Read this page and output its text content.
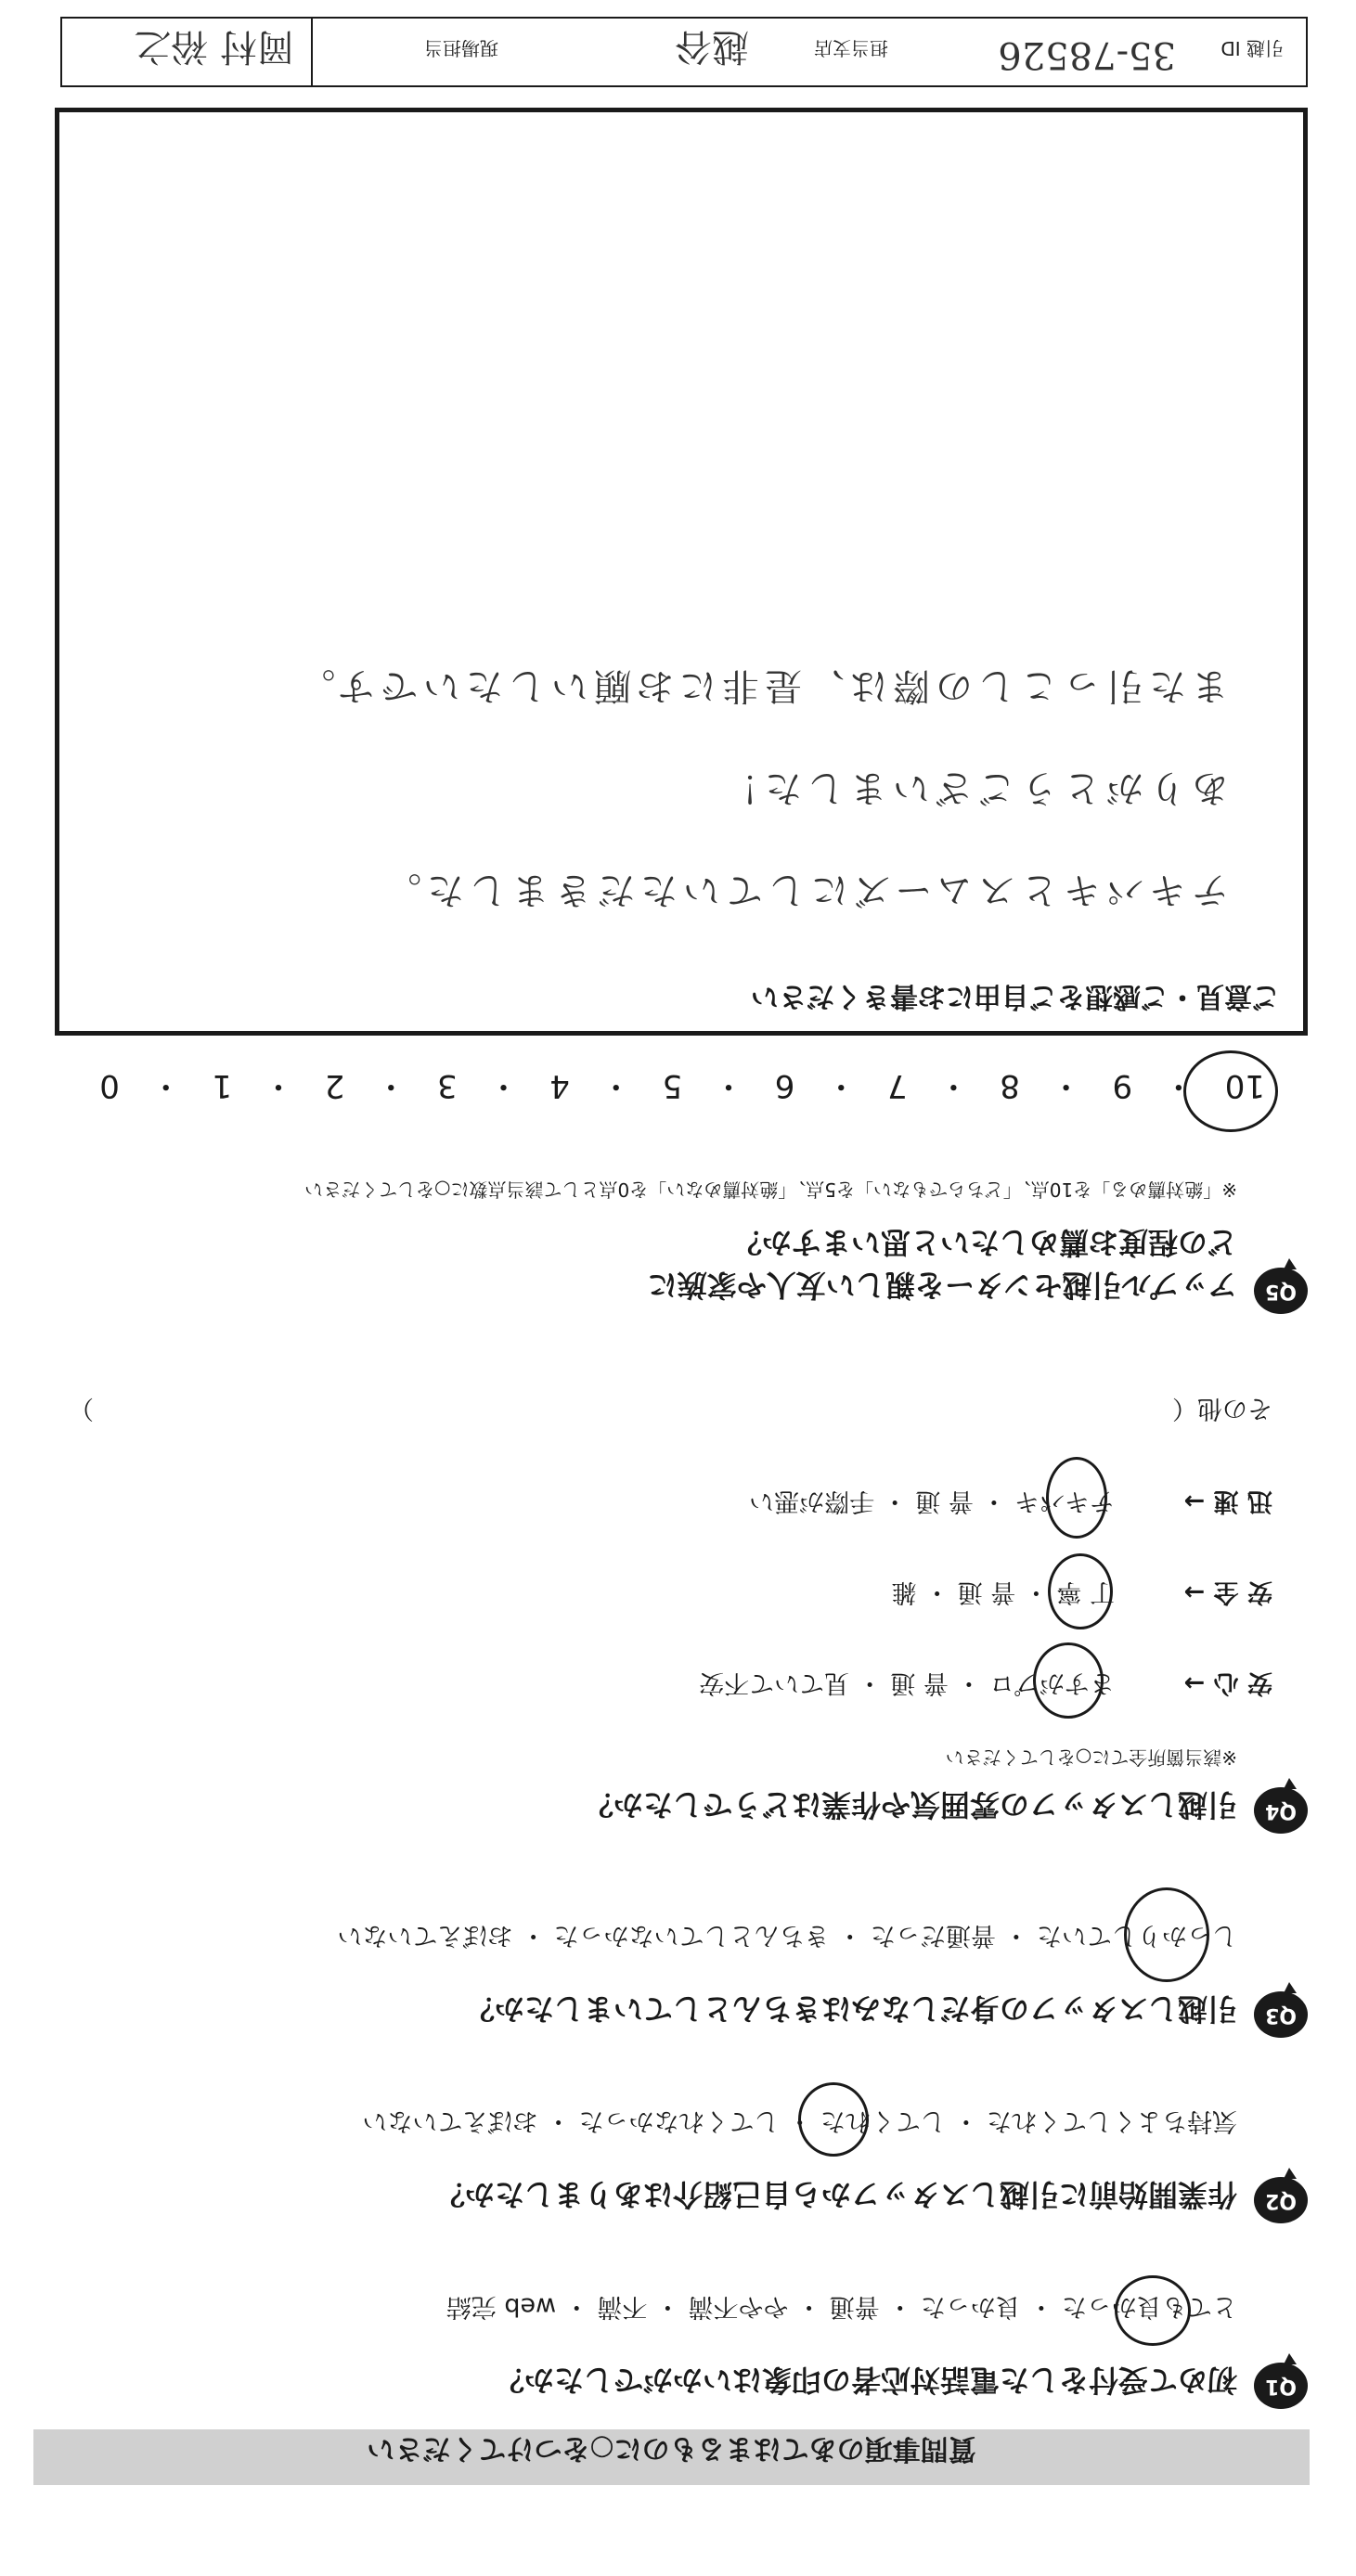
質問事項のあてはまるものに○をつけてください
Q1
初めて受付をした電話対応者の印象はいかがでしたか？
とても良かった ・ 良かった ・ 普通 ・ やや不満 ・ 不満 ・ web 完結
Q2
作業開始前に引越しスタッフから自己紹介はありましたか？
気持ちよくしてくれた ・ してくれた ・ してくれなかった ・ おぼえていない
Q3
引越しスタッフの身だしなみはきちんとしていましたか？
しっかりしていた ・ 普通だった ・ きちんとしていなかった ・ おぼえていない
Q4
引越しスタッフの雰囲気や作業はどうでしたか？
※該当箇所全てに○をしてください
安 心 →
さすがプロ ・ 普 通 ・ 見ていて不安
安 全 →
丁 寧 ・ 普 通 ・ 雑
迅 速 →
テキパキ ・ 普 通 ・ 手際が悪い
その他（
）
Q5
アップル引越センターを親しい友人や家族に
どの程度お薦めしたいと思いますか？
※「絶対薦める」を10点、「どちらでもない」を5点、「絶対薦めない」を0点として該当点数に○をしてください
10 ・ 9 ・ 8 ・ 7 ・ 6 ・ 5 ・ 4 ・ 3 ・ 2 ・ 1 ・ 0
ご意見・ご感想をご自由にお書きください
テキパキとスムーズにしていただきました。
ありがとうございました！
また引っこしの際は、是非にお願いしたいです。
引越 ID
35-78526
担当支店
越谷
現場担当
岡村 裕之
